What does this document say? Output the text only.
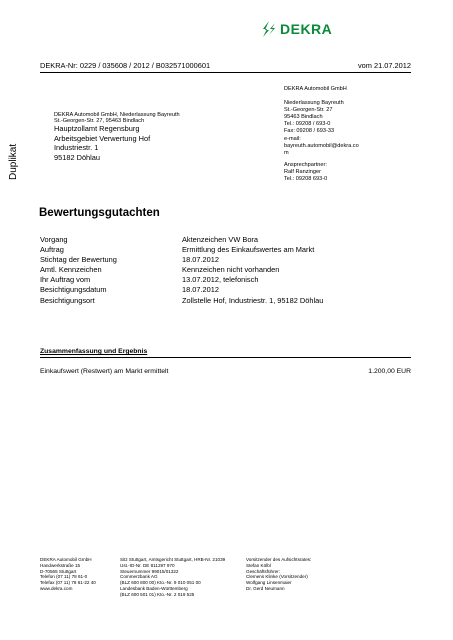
DEKRA
DEKRA-Nr: 0229 / 035608 / 2012 / B032571000601	vom 21.07.2012
Duplikat
DEKRA Automobil GmbH, Niederlassung Bayreuth
St.-Georgen-Str. 27, 95463 Bindlach
Hauptzollamt Regensburg
Arbeitsgebiet Verwertung Hof
Industriestr. 1
95182 Döhlau
DEKRA Automobil GmbH
Niederlassung Bayreuth
St.-Georgen-Str. 27
95463 Bindlach
Tel.: 09208 / 693-0
Fax: 09208 / 693-33
e-mail:
bayreuth.automobil@dekra.co
m
Ansprechpartner:
Ralf Ranzinger
Tel.: 09208 693-0
Bewertungsgutachten
Vorgang	Aktenzeichen VW Bora
Auftrag	Ermittlung des Einkaufswertes am Markt
Stichtag der Bewertung	18.07.2012
Amtl. Kennzeichen	Kennzeichen nicht vorhanden
Ihr Auftrag vom	13.07.2012, telefonisch
Besichtigungsdatum	18.07.2012
Besichtigungsort	Zollstelle Hof, Industriestr. 1, 95182 Döhlau
Zusammenfassung und Ergebnis
Einkaufswert (Restwert) am Markt ermittelt	1.200,00 EUR
DEKRA Automobil GmbH
Handwerkstraße 15
D-70565 Stuttgart
Telefon (07 11) 78 61-0
Telefax (07 11) 78 61-22 40
www.dekra.com
Sitz Stuttgart, Amtsgericht Stuttgart, HRB-Nr. 21039
Ust.-ID-Nr. DE 811297 970
Steuernummer 99015/01322
Commerzbank AG
(BLZ 600 800 00) Kto.-Nr. 9 010 051 00
Landesbank Baden-Württemberg
(BLZ 600 501 01) Kto.-Nr. 2 019 525
Vorsitzender des Aufsichtsrates:
Stefan Kölbl
Geschäftsführer:
Clemens Klinke (Vorsitzender)
Wolfgang Linsenmaier
Dr. Gerd Neumann
